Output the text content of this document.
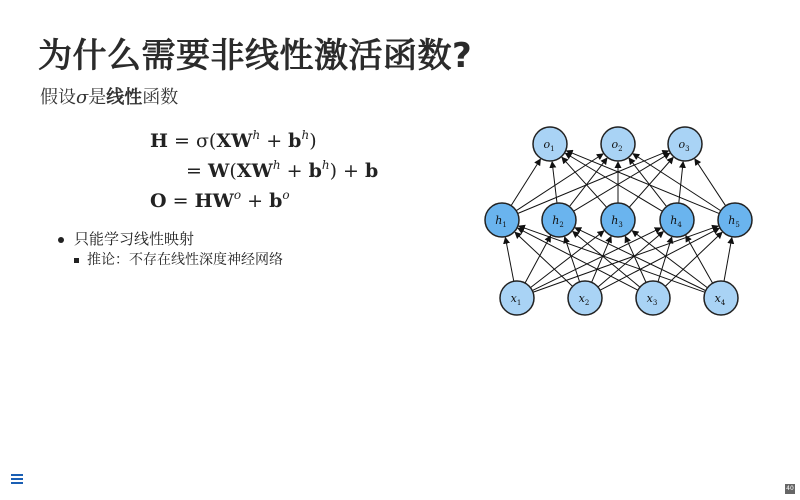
为什么需要非线性激活函数?
假设σ是线性函数
$H = \sigma(XW^h + b^h)$
= $W(XW^h + b^h) + b$
$O = HW^o + b^o$
只能学习线性映射
推论：不存在线性深度神经网络
$o_1$	$o_2$	$o_3$
$h_1$	$h_2$	$h_3$	$h_4$	$h_5$
$x_1$	$x_2$	$x_3$	$x_4$
40
